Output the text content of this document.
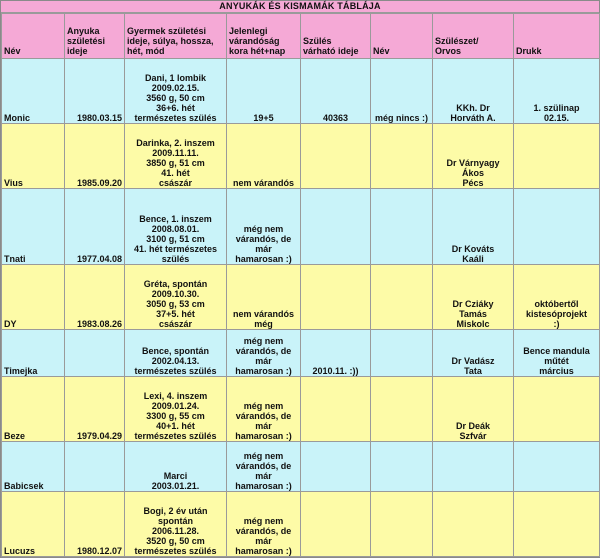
ANYUKÁK ÉS KISMAMÁK TÁBLÁJA
Név	Anyuka
születési
ideje	Gyermek születési
ideje, súlya, hossza,
hét, mód	Jelenlegi
várandóság
kora hét+nap	Szülés
várható ideje	Név	Szülészet/
Orvos	Drukk
Monic	1980.03.15	Dani, 1 lombik
2009.02.15.
3560 g, 50 cm
36+6. hét
természetes szülés	19+5	40363	még nincs :)	KKh. Dr
Horváth A.	1. szülinap
02.15.
Vius	1985.09.20	Darinka, 2. inszem
2009.11.11.
3850 g, 51 cm
41. hét
császár	nem várandós			Dr Várnyagy
Ákos
Pécs	
Tnati	1977.04.08	Bence, 1. inszem
2008.08.01.
3100 g, 51 cm
41. hét természetes
szülés	még nem
várandós, de
már
hamarosan :)			Dr Kováts
Kaáli	
DY	1983.08.26	Gréta, spontán
2009.10.30.
3050 g, 53 cm
37+5. hét
császár	nem várandós
még			Dr Cziáky
Tamás
Miskolc	októbertől
kistesóprojekt
:)
Timejka		Bence, spontán
2002.04.13.
természetes szülés	még nem
várandós, de
már
hamarosan :)	2010.11. :))		Dr Vadász
Tata	Bence mandula
műtét
március
Beze	1979.04.29	Lexi, 4. inszem
2009.01.24.
3300 g, 55 cm
40+1. hét
természetes szülés	még nem
várandós, de
már
hamarosan :)			Dr Deák
Szfvár	
Babicsek		Marci
2003.01.21.	még nem
várandós, de
már
hamarosan :)				
Lucuzs	1980.12.07	Bogi, 2 év után
spontán
2006.11.28.
3520 g, 50 cm
természetes szülés	még nem
várandós, de
már
hamarosan :)				
